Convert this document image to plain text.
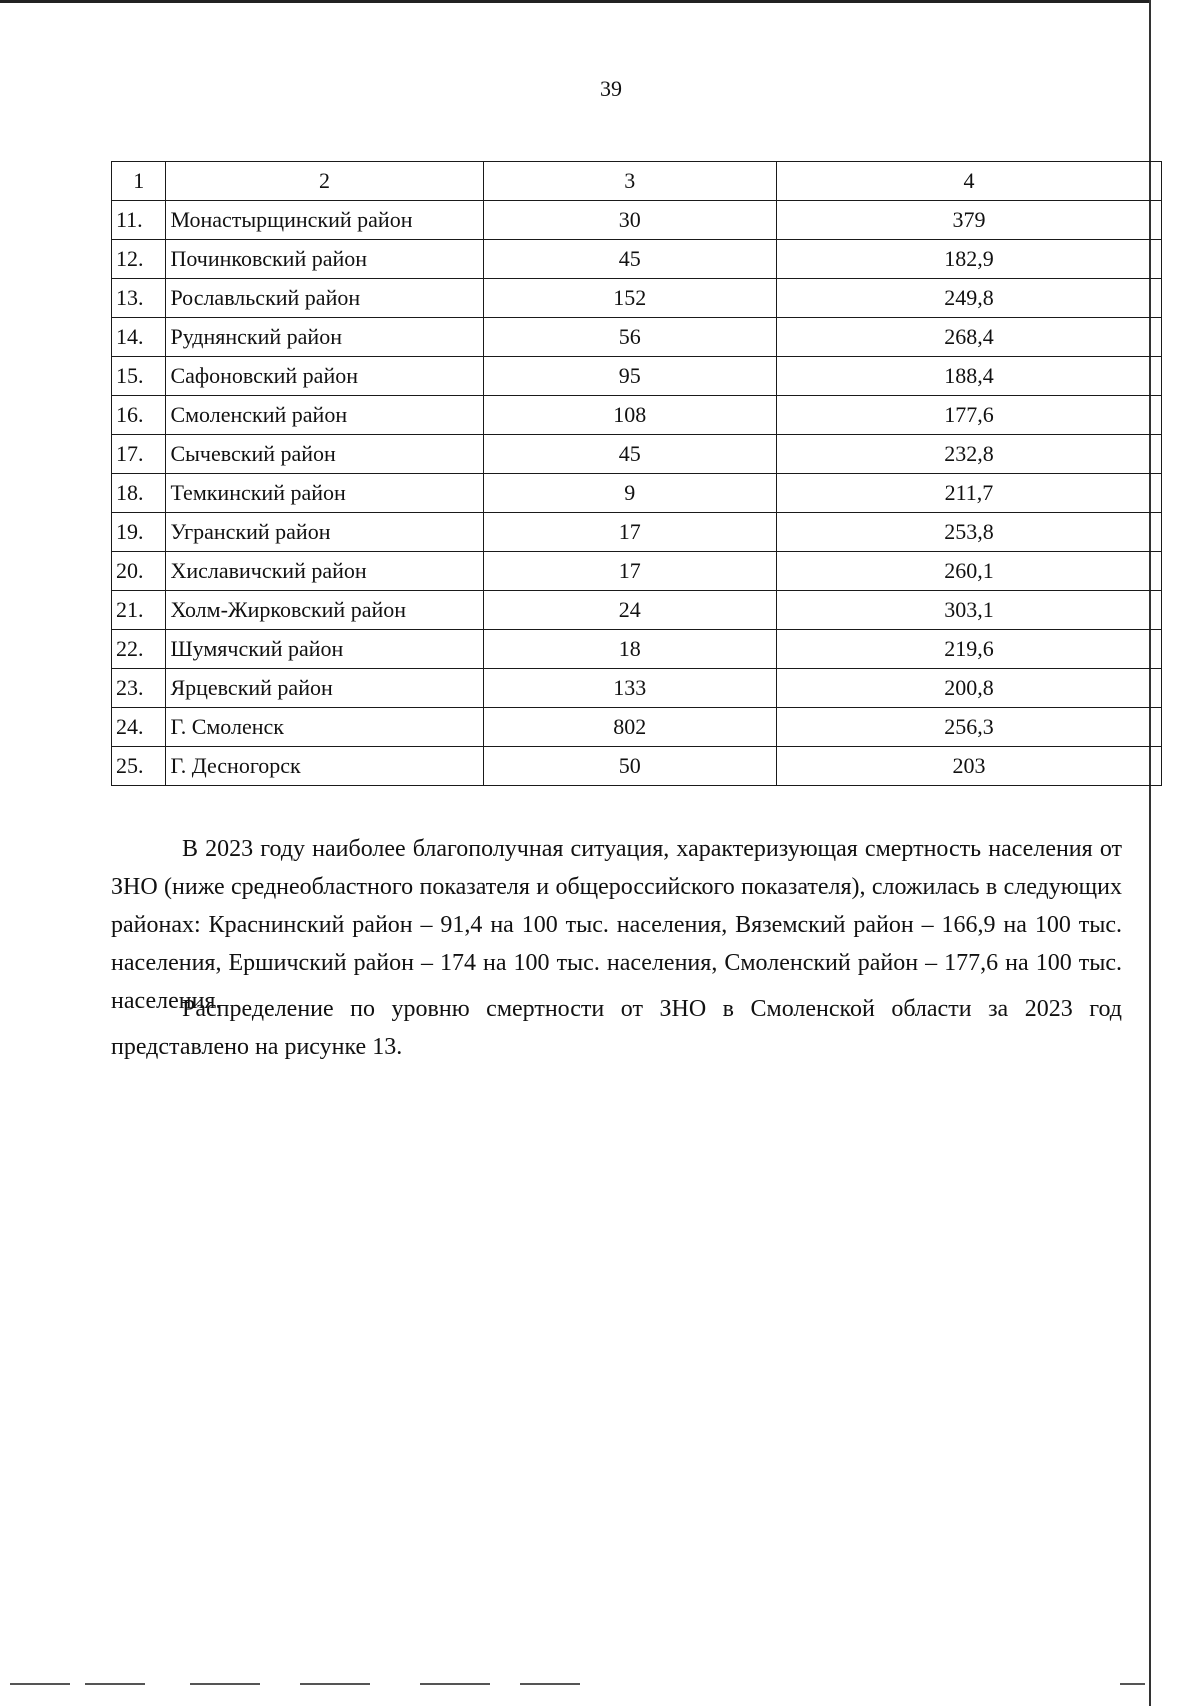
39
1	2	3	4
11.	Монастырщинский район	30	379
12.	Починковский район	45	182,9
13.	Рославльский район	152	249,8
14.	Руднянский район	56	268,4
15.	Сафоновский район	95	188,4
16.	Смоленский район	108	177,6
17.	Сычевский район	45	232,8
18.	Темкинский район	9	211,7
19.	Угранский район	17	253,8
20.	Хиславичский район	17	260,1
21.	Холм-Жирковский район	24	303,1
22.	Шумячский район	18	219,6
23.	Ярцевский район	133	200,8
24.	Г. Смоленск	802	256,3
25.	Г. Десногорск	50	203

В 2023 году наиболее благополучная ситуация, характеризующая смертность населения от ЗНО (ниже среднеобластного показателя и общероссийского показателя), сложилась в следующих районах: Краснинский район – 91,4 на 100 тыс. населения, Вяземский район – 166,9 на 100 тыс. населения, Ершичский район – 174 на 100 тыс. населения, Смоленский район – 177,6 на 100 тыс. населения.

Распределение по уровню смертности от ЗНО в Смоленской области за 2023 год представлено на рисунке 13.
